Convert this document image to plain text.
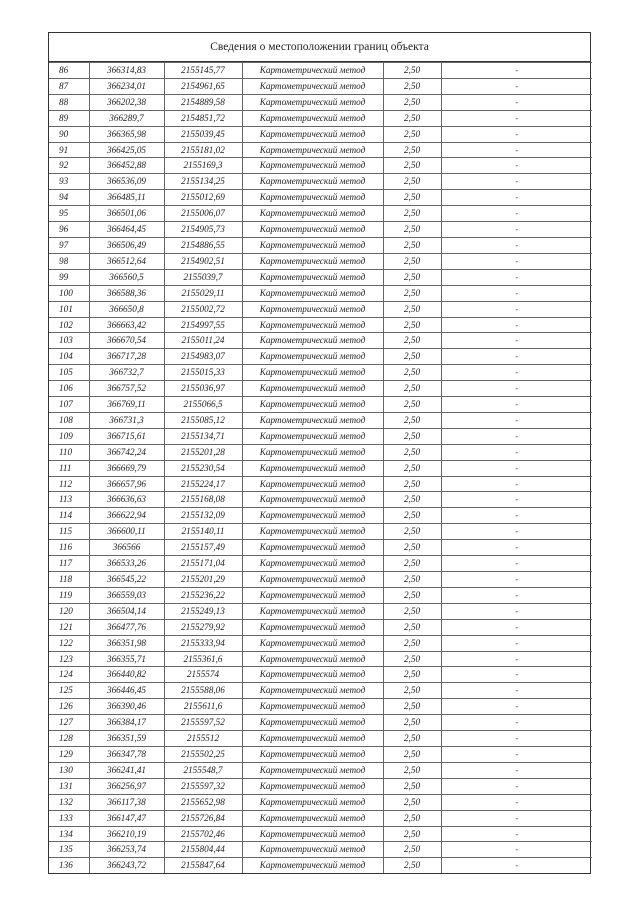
Сведения о местоположении границ объекта
86	366314,83	2155145,77	Картометрический метод	2,50	-
87	366234,01	2154961,65	Картометрический метод	2,50	-
88	366202,38	2154889,58	Картометрический метод	2,50	-
89	366289,7	2154851,72	Картометрический метод	2,50	-
90	366365,98	2155039,45	Картометрический метод	2,50	-
91	366425,05	2155181,02	Картометрический метод	2,50	-
92	366452,88	2155169,3	Картометрический метод	2,50	-
93	366536,09	2155134,25	Картометрический метод	2,50	-
94	366485,11	2155012,69	Картометрический метод	2,50	-
95	366501,06	2155006,07	Картометрический метод	2,50	-
96	366464,45	2154905,73	Картометрический метод	2,50	-
97	366506,49	2154886,55	Картометрический метод	2,50	-
98	366512,64	2154902,51	Картометрический метод	2,50	-
99	366560,5	2155039,7	Картометрический метод	2,50	-
100	366588,36	2155029,11	Картометрический метод	2,50	-
101	366650,8	2155002,72	Картометрический метод	2,50	-
102	366663,42	2154997,55	Картометрический метод	2,50	-
103	366670,54	2155011,24	Картометрический метод	2,50	-
104	366717,28	2154983,07	Картометрический метод	2,50	-
105	366732,7	2155015,33	Картометрический метод	2,50	-
106	366757,52	2155036,97	Картометрический метод	2,50	-
107	366769,11	2155066,5	Картометрический метод	2,50	-
108	366731,3	2155085,12	Картометрический метод	2,50	-
109	366715,61	2155134,71	Картометрический метод	2,50	-
110	366742,24	2155201,28	Картометрический метод	2,50	-
111	366669,79	2155230,54	Картометрический метод	2,50	-
112	366657,96	2155224,17	Картометрический метод	2,50	-
113	366636,63	2155168,08	Картометрический метод	2,50	-
114	366622,94	2155132,09	Картометрический метод	2,50	-
115	366600,11	2155140,11	Картометрический метод	2,50	-
116	366566	2155157,49	Картометрический метод	2,50	-
117	366533,26	2155171,04	Картометрический метод	2,50	-
118	366545,22	2155201,29	Картометрический метод	2,50	-
119	366559,03	2155236,22	Картометрический метод	2,50	-
120	366504,14	2155249,13	Картометрический метод	2,50	-
121	366477,76	2155279,92	Картометрический метод	2,50	-
122	366351,98	2155333,94	Картометрический метод	2,50	-
123	366355,71	2155361,6	Картометрический метод	2,50	-
124	366440,82	2155574	Картометрический метод	2,50	-
125	366446,45	2155588,06	Картометрический метод	2,50	-
126	366390,46	2155611,6	Картометрический метод	2,50	-
127	366384,17	2155597,52	Картометрический метод	2,50	-
128	366351,59	2155512	Картометрический метод	2,50	-
129	366347,78	2155502,25	Картометрический метод	2,50	-
130	366241,41	2155548,7	Картометрический метод	2,50	-
131	366256,97	2155597,32	Картометрический метод	2,50	-
132	366117,38	2155652,98	Картометрический метод	2,50	-
133	366147,47	2155726,84	Картометрический метод	2,50	-
134	366210,19	2155702,46	Картометрический метод	2,50	-
135	366253,74	2155804,44	Картометрический метод	2,50	-
136	366243,72	2155847,64	Картометрический метод	2,50	-
